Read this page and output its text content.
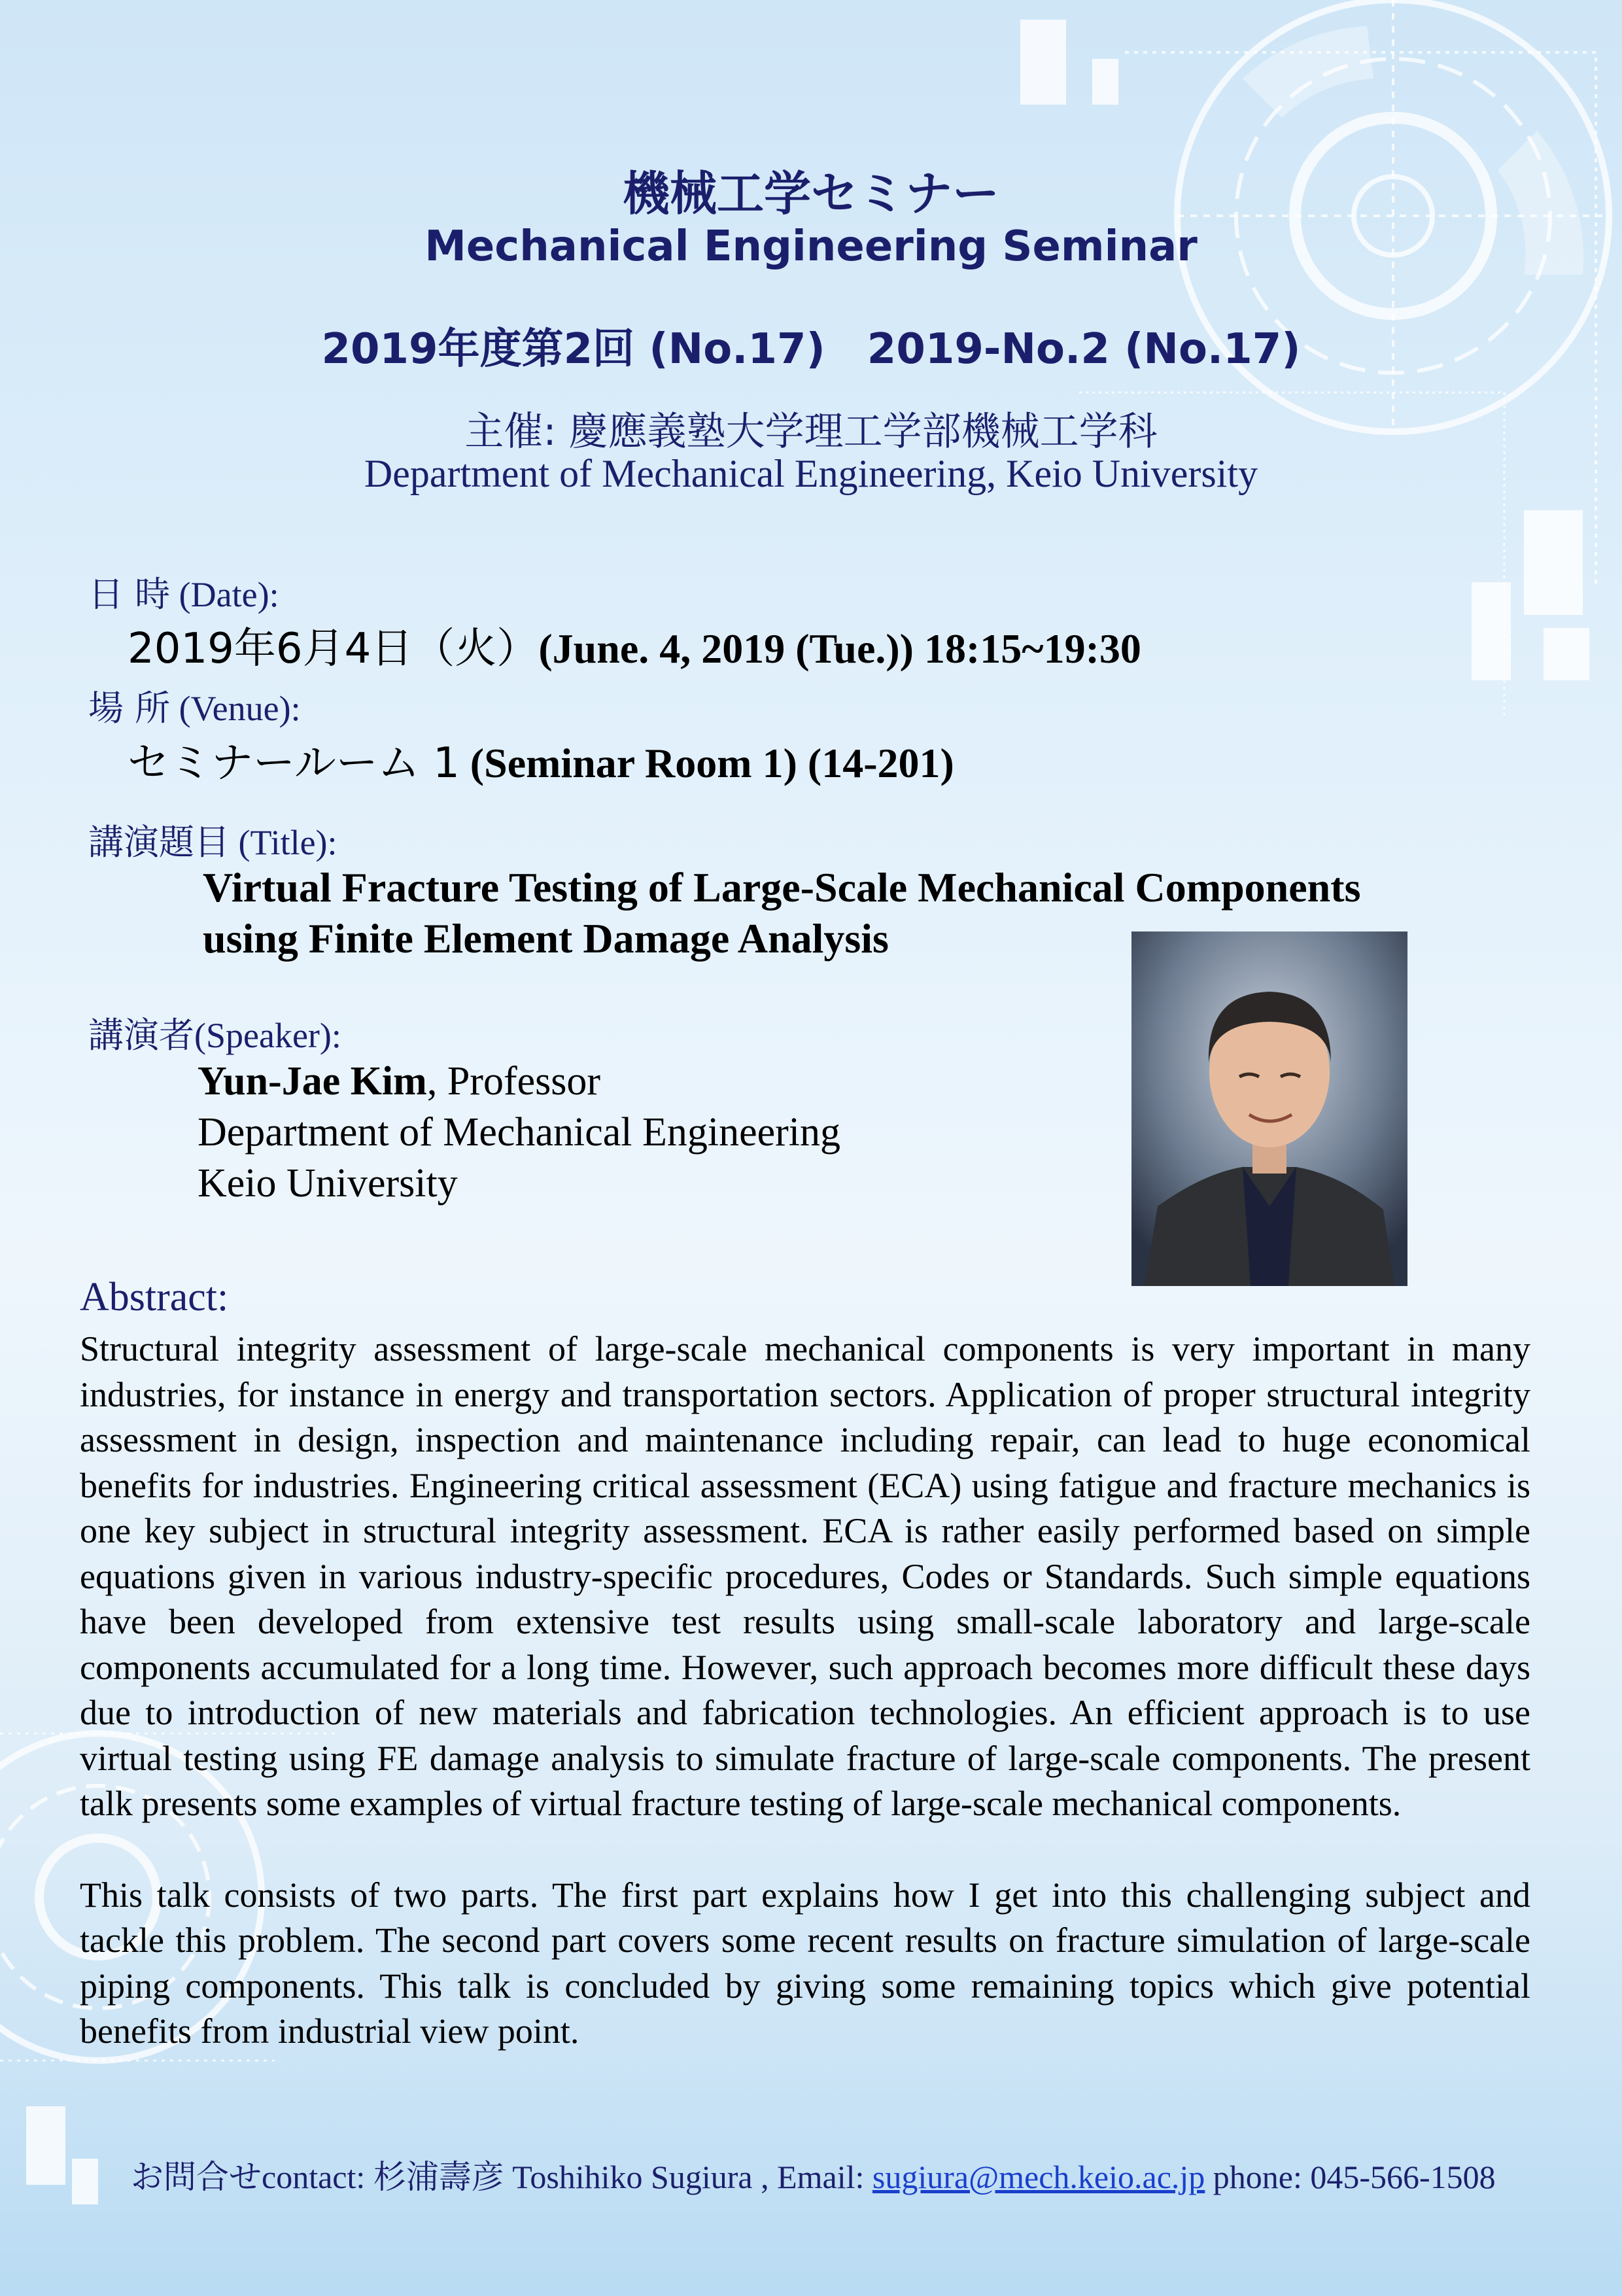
機械工学セミナー
Mechanical Engineering Seminar
2019年度第2回 (No.17)　2019-No.2 (No.17)
主催: 慶應義塾大学理工学部機械工学科
Department of Mechanical Engineering, Keio University
日 時 (Date):
2019年6月4日（火）(June. 4, 2019 (Tue.)) 18:15~19:30
場 所 (Venue):
セミナールーム 1 (Seminar Room 1) (14-201)
講演題目 (Title):
Virtual Fracture Testing of Large-Scale Mechanical Components
using Finite Element Damage Analysis
講演者(Speaker):
Yun-Jae Kim, Professor
Department of Mechanical Engineering
Keio University
Abstract:

Structural integrity assessment of large-scale mechanical components is very important in many industries, for instance in energy and transportation sectors. Application of proper structural integrity assessment in design, inspection and maintenance including repair, can lead to huge economical benefits for industries. Engineering critical assessment (ECA) using fatigue and fracture mechanics is one key subject in structural integrity assessment. ECA is rather easily performed based on simple equations given in various industry-specific procedures, Codes or Standards. Such simple equations have been developed from extensive test results using small-scale laboratory and large-scale components accumulated for a long time. However, such approach becomes more difficult these days due to introduction of new materials and fabrication technologies. An efficient approach is to use virtual testing using FE damage analysis to simulate fracture of large-scale components. The present talk presents some examples of virtual fracture testing of large-scale mechanical components.

This talk consists of two parts. The first part explains how I get into this challenging subject and tackle this problem. The second part covers some recent results on fracture simulation of large-scale piping components. This talk is concluded by giving some remaining topics which give potential benefits from industrial view point.

お問合せcontact: 杉浦壽彦 Toshihiko Sugiura , Email: sugiura@mech.keio.ac.jp phone: 045-566-1508
